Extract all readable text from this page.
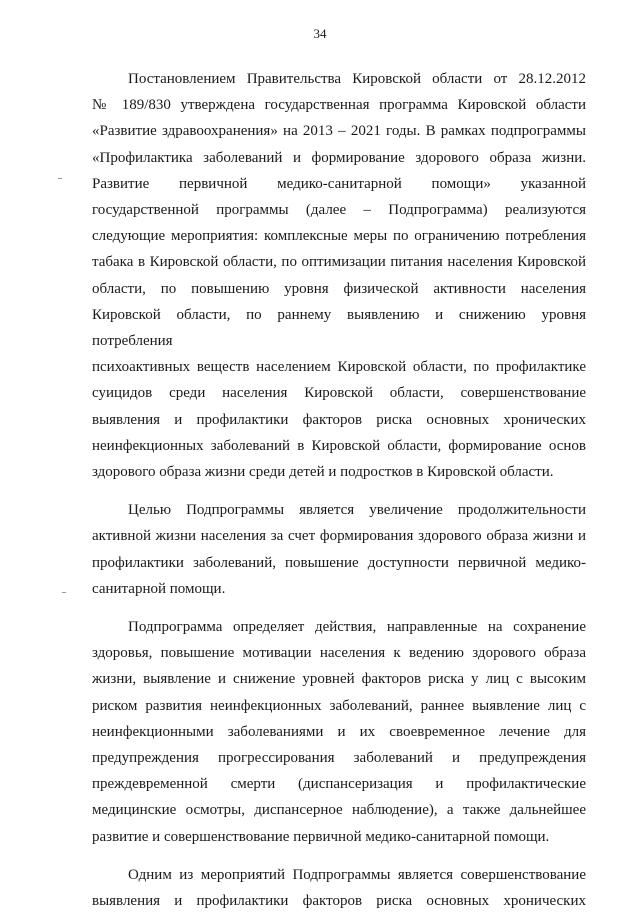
34

Постановлением Правительства Кировской области от 28.12.2012
№ 189/830 утверждена государственная программа Кировской области
«Развитие здравоохранения» на 2013 – 2021 годы. В рамках подпрограммы
«Профилактика заболеваний и формирование здорового образа жизни.
Развитие первичной медико-санитарной помощи» указанной
государственной программы (далее – Подпрограмма) реализуются
следующие мероприятия: комплексные меры по ограничению потребления
табака в Кировской области, по оптимизации питания населения Кировской
области, по повышению уровня физической активности населения
Кировской области, по раннему выявлению и снижению уровня потребления
психоактивных веществ населением Кировской области, по профилактике
суицидов среди населения Кировской области, совершенствование
выявления и профилактики факторов риска основных хронических
неинфекционных заболеваний в Кировской области, формирование основ
здорового образа жизни среди детей и подростков в Кировской области.

Целью Подпрограммы является увеличение продолжительности
активной жизни населения за счет формирования здорового образа жизни и
профилактики заболеваний, повышение доступности первичной медико-
санитарной помощи.

Подпрограмма определяет действия, направленные на сохранение
здоровья, повышение мотивации населения к ведению здорового образа
жизни, выявление и снижение уровней факторов риска у лиц с высоким
риском развития неинфекционных заболеваний, раннее выявление лиц с
неинфекционными заболеваниями и их своевременное лечение для
предупреждения прогрессирования заболеваний и предупреждения
преждевременной смерти (диспансеризация и профилактические
медицинские осмотры, диспансерное наблюдение), а также дальнейшее
развитие и совершенствование первичной медико-санитарной помощи.

Одним из мероприятий Подпрограммы является совершенствование
выявления и профилактики факторов риска основных хронических
